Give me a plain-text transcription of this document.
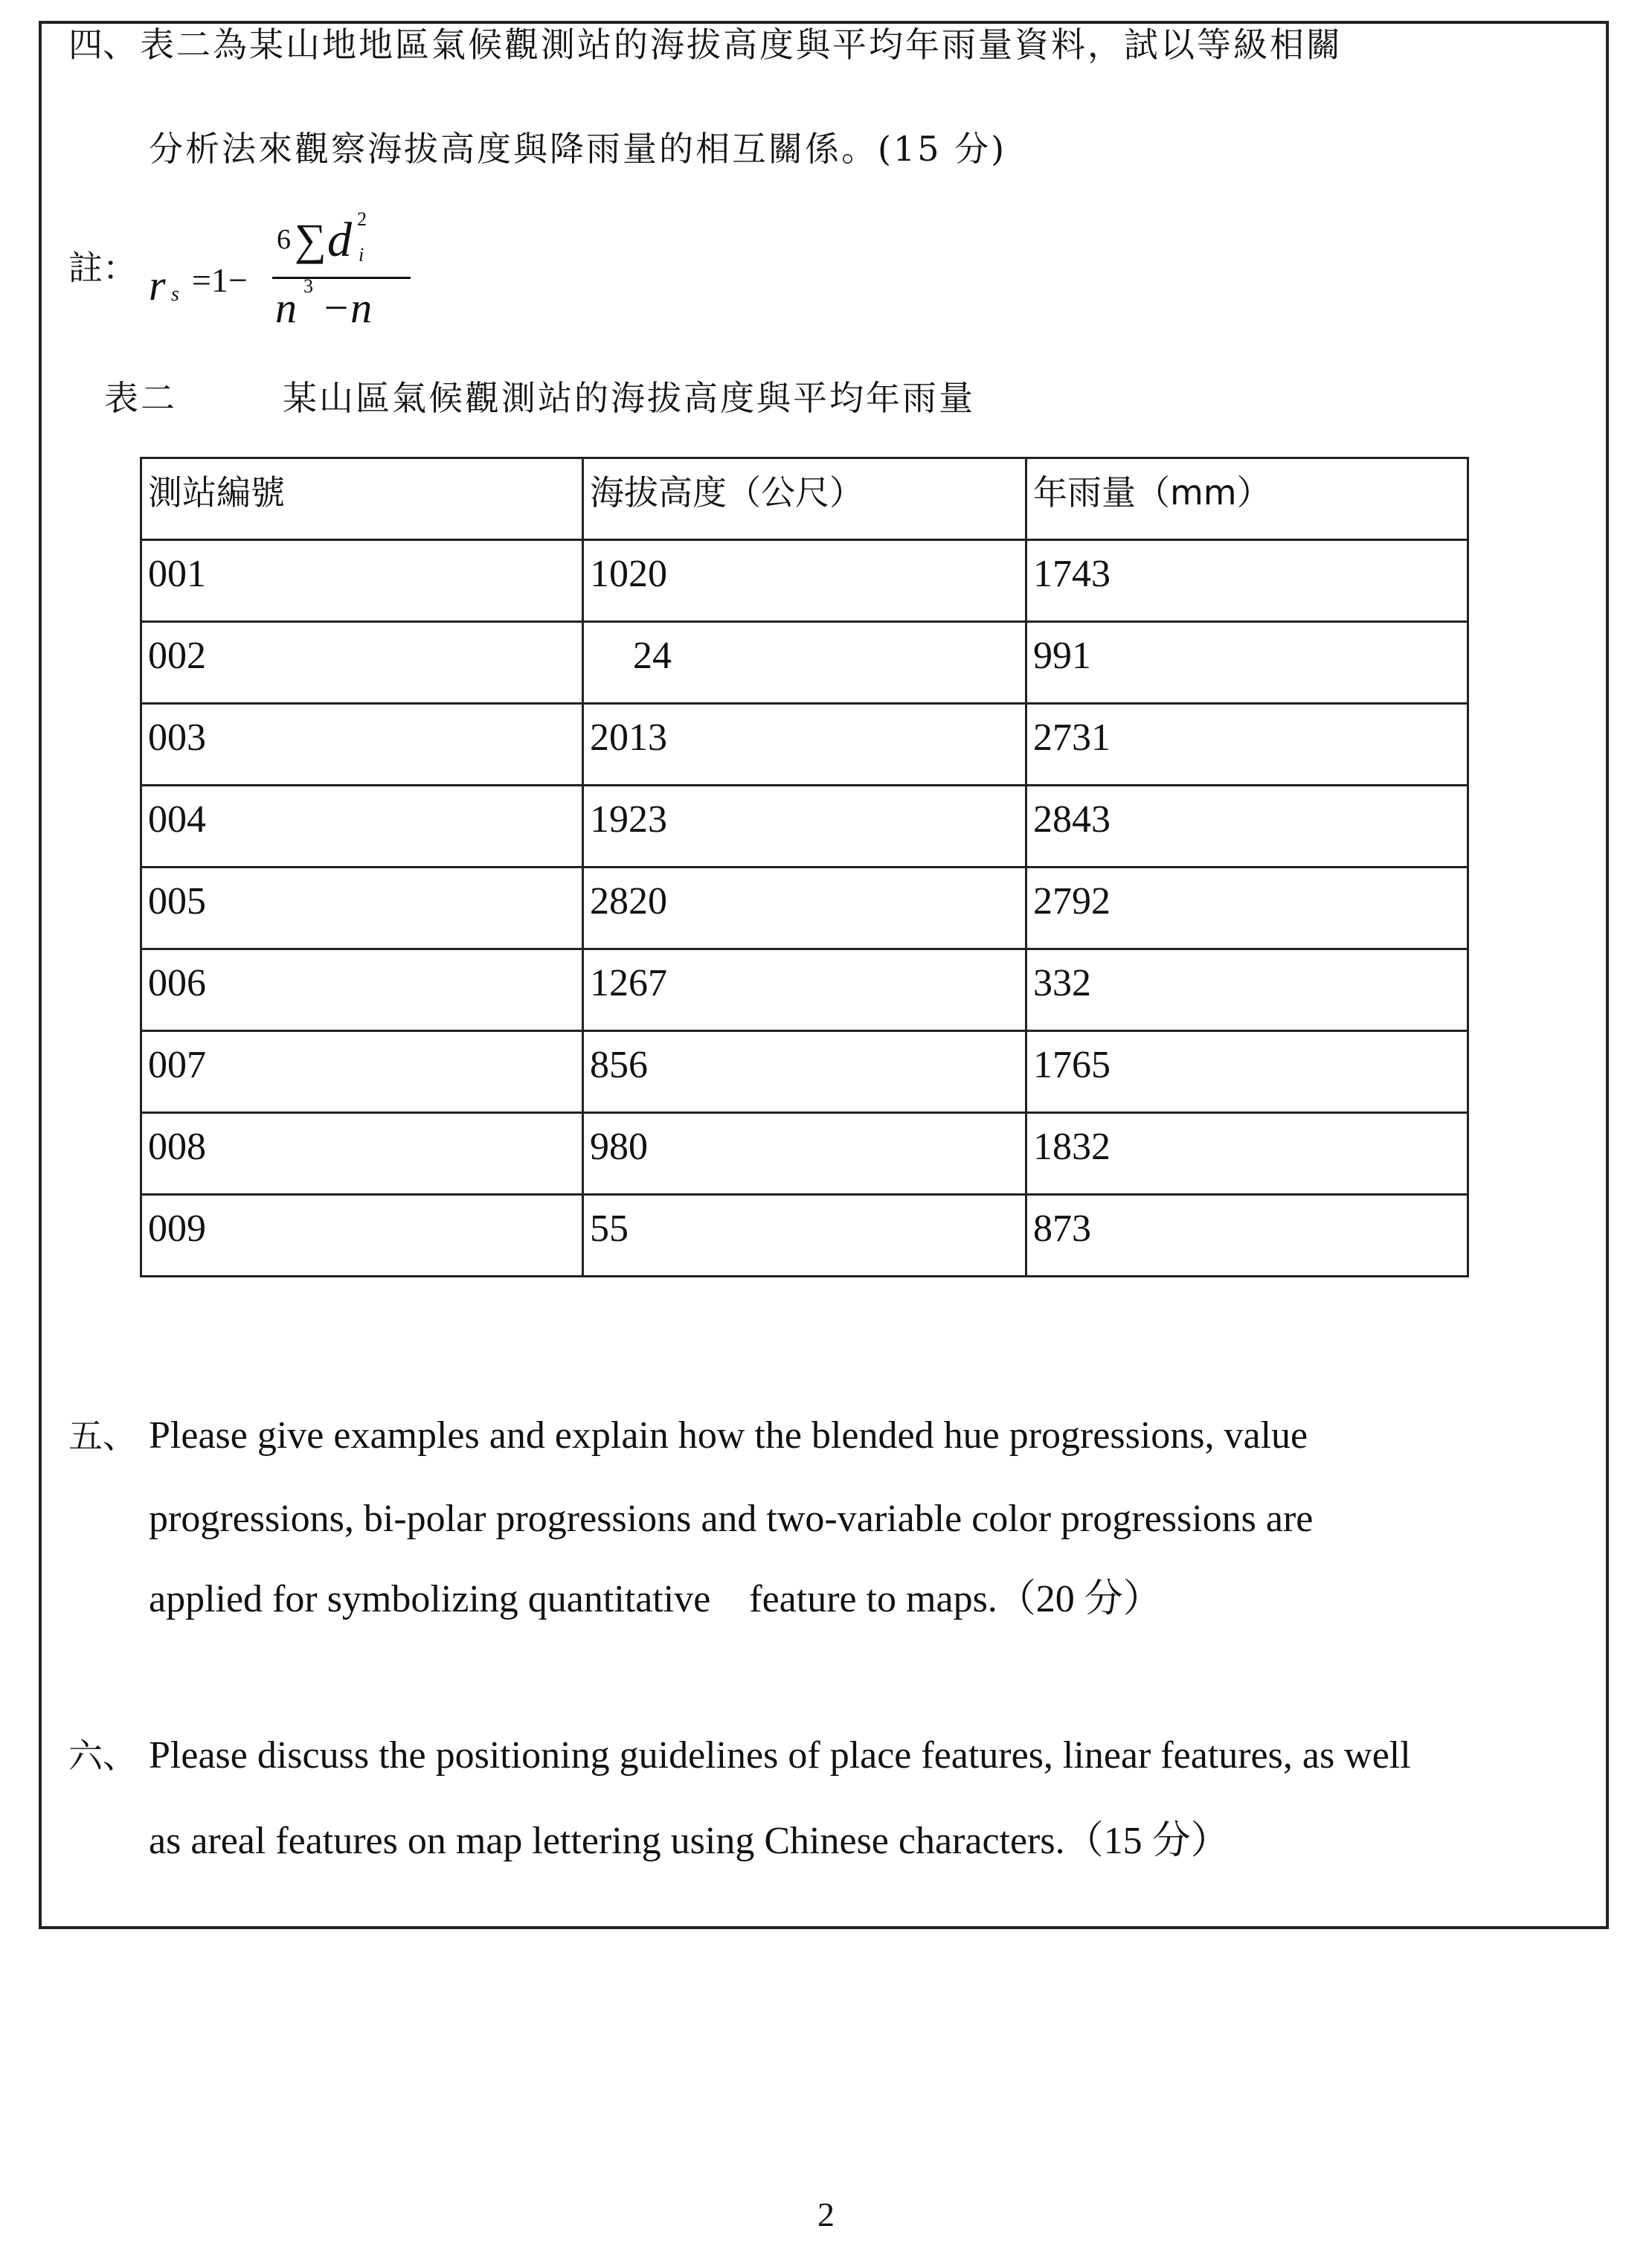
四、 表二為某山地地區氣候觀測站的海拔高度與平均年雨量資料，試以等級相關
分析法來觀察海拔高度與降雨量的相互關係。(15 分)
註： r s =1−
6 ∑ d i
2
n 3 −n
表二	某山區氣候觀測站的海拔高度與平均年雨量
測站編號	海拔高度（公尺）	年雨量（mm）
001	1020	1743
002	24	991
003	2013	2731
004	1923	2843
005	2820	2792
006	1267	332
007	856	1765
008	980	1832
009	55	873
五、 Please give examples and explain how the blended hue progressions, value
progressions, bi-polar progressions and two-variable color progressions are
applied for symbolizing quantitative    feature to maps.（20 分）
六、 Please discuss the positioning guidelines of place features, linear features, as well
as areal features on map lettering using Chinese characters.（15 分）
2
